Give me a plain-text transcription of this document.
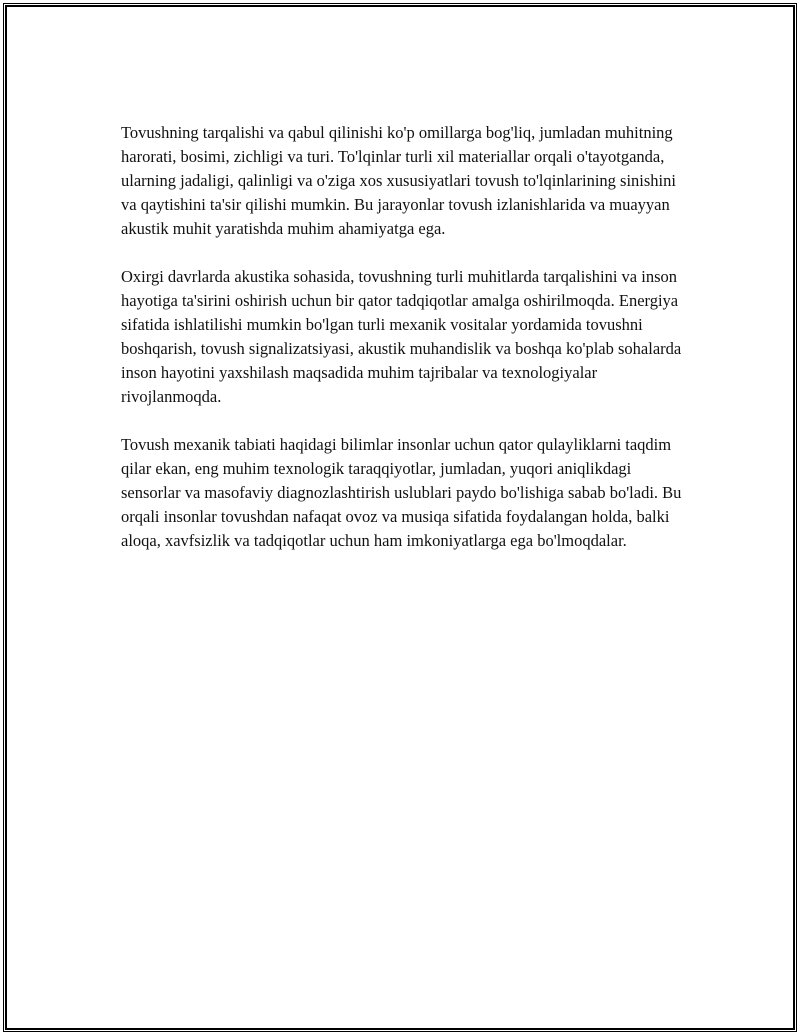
Tovushning tarqalishi va qabul qilinishi ko'p omillarga bog'liq, jumladan muhitning harorati, bosimi, zichligi va turi. To'lqinlar turli xil materiallar orqali o'tayotganda, ularning jadaligi, qalinligi va o'ziga xos xususiyatlari tovush to'lqinlarining sinishini va qaytishini ta'sir qilishi mumkin. Bu jarayonlar tovush izlanishlarida va muayyan akustik muhit yaratishda muhim ahamiyatga ega.

Oxirgi davrlarda akustika sohasida, tovushning turli muhitlarda tarqalishini va inson hayotiga ta'sirini oshirish uchun bir qator tadqiqotlar amalga oshirilmoqda. Energiya sifatida ishlatilishi mumkin bo'lgan turli mexanik vositalar yordamida tovushni boshqarish, tovush signalizatsiyasi, akustik muhandislik va boshqa ko'plab sohalarda inson hayotini yaxshilash maqsadida muhim tajribalar va texnologiyalar rivojlanmoqda.

Tovush mexanik tabiati haqidagi bilimlar insonlar uchun qator qulayliklarni taqdim qilar ekan, eng muhim texnologik taraqqiyotlar, jumladan, yuqori aniqlikdagi sensorlar va masofaviy diagnozlashtirish uslublari paydo bo'lishiga sabab bo'ladi. Bu orqali insonlar tovushdan nafaqat ovoz va musiqa sifatida foydalangan holda, balki aloqa, xavfsizlik va tadqiqotlar uchun ham imkoniyatlarga ega bo'lmoqdalar.
